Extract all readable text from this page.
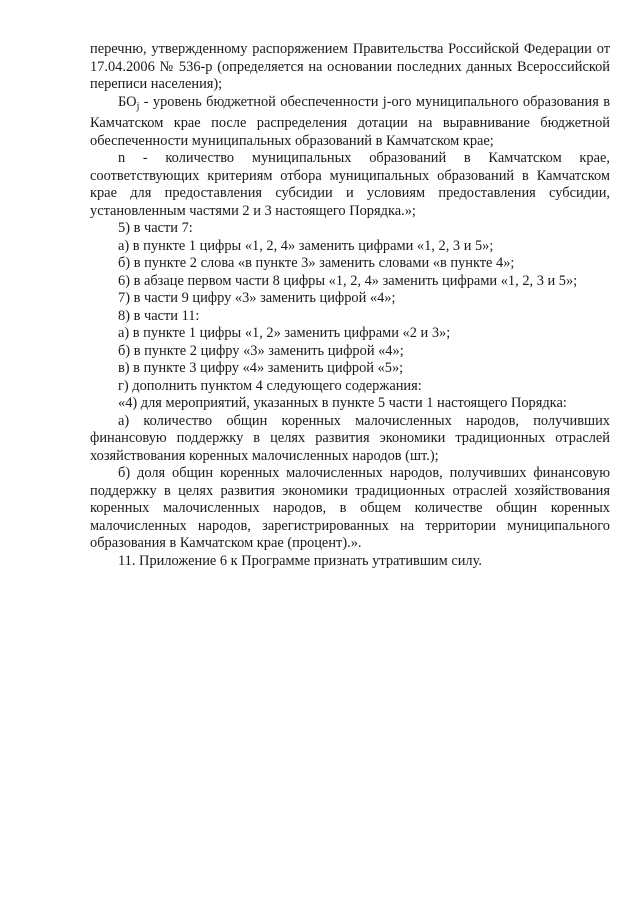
перечню, утвержденному распоряжением Правительства Российской Федерации от 17.04.2006 № 536-р (определяется на основании последних данных Всероссийской переписи населения);

$БО_j$ - уровень бюджетной обеспеченности j-ого муниципального образования в Камчатском крае после распределения дотации на выравнивание бюджетной обеспеченности муниципальных образований в Камчатском крае;

n - количество муниципальных образований в Камчатском крае, соответствующих критериям отбора муниципальных образований в Камчатском крае для предоставления субсидии и условиям предоставления субсидии, установленным частями 2 и 3 настоящего Порядка.»;

5) в части 7:

а) в пункте 1 цифры «1, 2, 4» заменить цифрами «1, 2, 3 и 5»;

б) в пункте 2 слова «в пункте 3» заменить словами «в пункте 4»;

6) в абзаце первом части 8 цифры «1, 2, 4» заменить цифрами «1, 2, 3 и 5»;

7) в части 9 цифру «3» заменить цифрой «4»;

8) в части 11:

а) в пункте 1 цифры «1, 2» заменить цифрами «2 и 3»;

б) в пункте 2 цифру «3» заменить цифрой «4»;

в) в пункте 3 цифру «4» заменить цифрой «5»;

г) дополнить пунктом 4 следующего содержания:

«4) для мероприятий, указанных в пункте 5 части 1 настоящего Порядка:

а) количество общин коренных малочисленных народов, получивших финансовую поддержку в целях развития экономики традиционных отраслей хозяйствования коренных малочисленных народов (шт.);

б) доля общин коренных малочисленных народов, получивших финансовую поддержку в целях развития экономики традиционных отраслей хозяйствования коренных малочисленных народов, в общем количестве общин коренных малочисленных народов, зарегистрированных на территории муниципального образования в Камчатском крае (процент).».

11. Приложение 6 к Программе признать утратившим силу.
